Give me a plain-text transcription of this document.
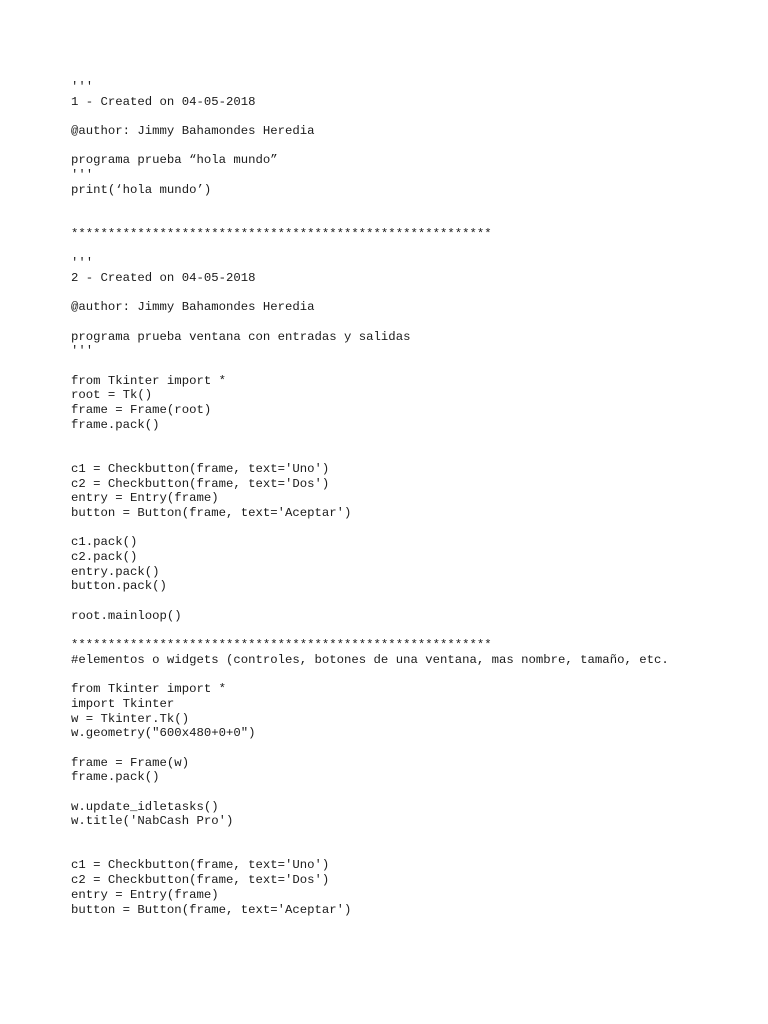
'''
1 - Created on 04-05-2018
@author: Jimmy Bahamondes Heredia
programa prueba “hola mundo”
'''
print(‘hola mundo’)
*********************************************************
'''
2 - Created on 04-05-2018
@author: Jimmy Bahamondes Heredia
programa prueba ventana con entradas y salidas
'''
from Tkinter import *
root = Tk()
frame = Frame(root)
frame.pack()
c1 = Checkbutton(frame, text='Uno')
c2 = Checkbutton(frame, text='Dos')
entry = Entry(frame)
button = Button(frame, text='Aceptar')
c1.pack()
c2.pack()
entry.pack()
button.pack()
root.mainloop()
*********************************************************
#elementos o widgets (controles, botones de una ventana, mas nombre, tamaño, etc.
from Tkinter import *
import Tkinter
w = Tkinter.Tk()
w.geometry("600x480+0+0")
frame = Frame(w)
frame.pack()
w.update_idletasks()
w.title('NabCash Pro')
c1 = Checkbutton(frame, text='Uno')
c2 = Checkbutton(frame, text='Dos')
entry = Entry(frame)
button = Button(frame, text='Aceptar')
